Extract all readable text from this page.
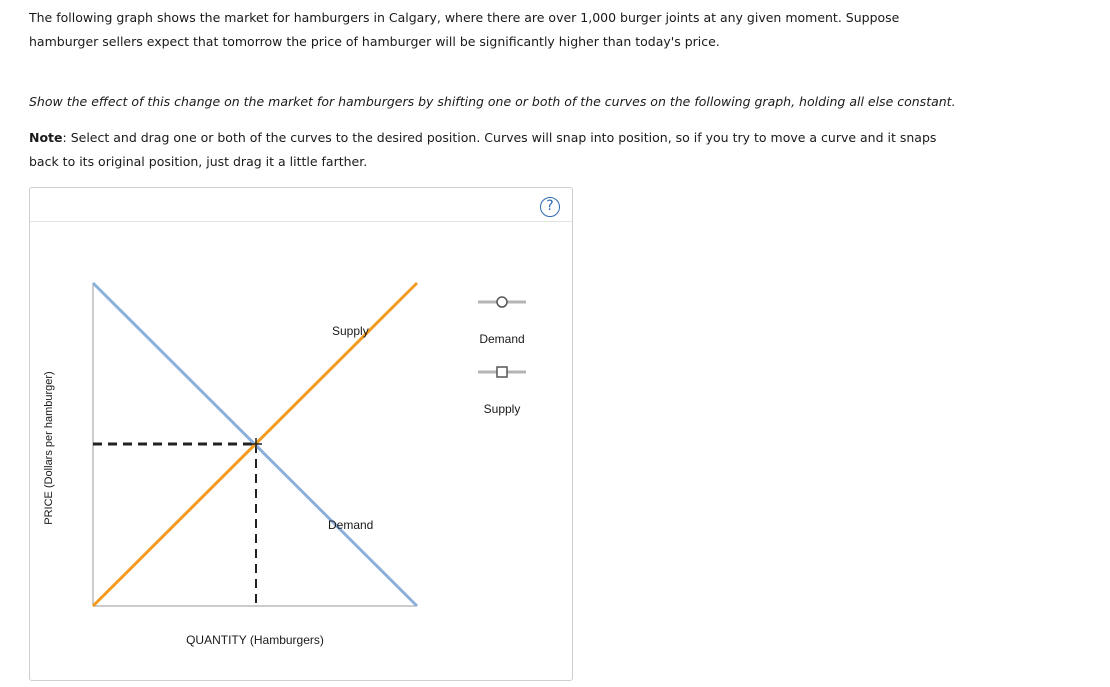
The following graph shows the market for hamburgers in Calgary, where there are over 1,000 burger joints at any given moment. Suppose hamburger sellers expect that tomorrow the price of hamburger will be significantly higher than today's price.

Show the effect of this change on the market for hamburgers by shifting one or both of the curves on the following graph, holding all else constant.

Note: Select and drag one or both of the curves to the desired position. Curves will snap into position, so if you try to move a curve and it snaps back to its original position, just drag it a little farther.

?
Supply
Demand
PRICE (Dollars per hamburger)
QUANTITY (Hamburgers)
Demand
Supply
